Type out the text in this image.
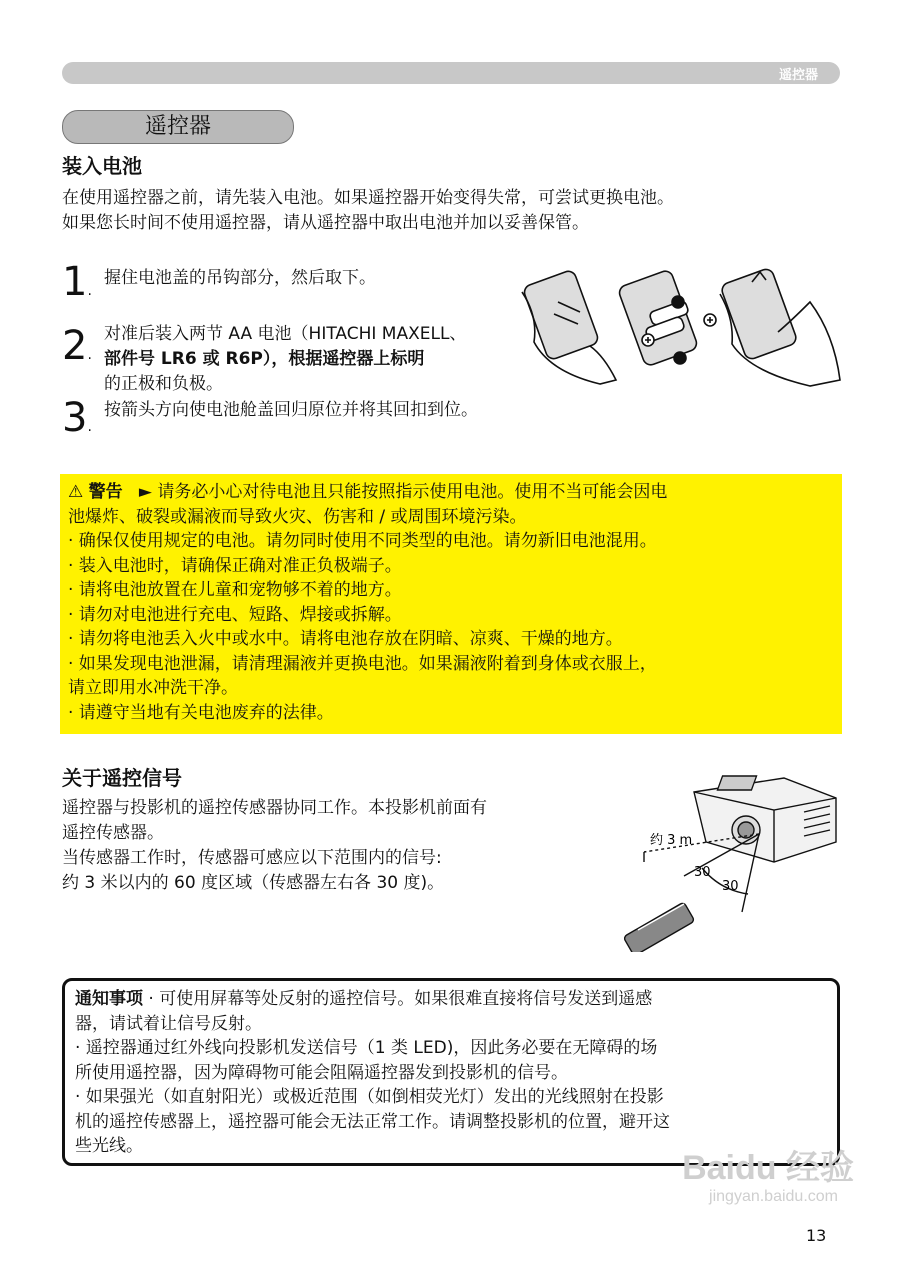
遥控器
遥控器
装入电池

在使用遥控器之前，请先装入电池。如果遥控器开始变得失常，可尝试更换电池。

如果您长时间不使用遥控器，请从遥控器中取出电池并加以妥善保管。

1.
握住电池盖的吊钩部分，然后取下。
2.
对准后装入两节 AA 电池（HITACHI MAXELL、
部件号 LR6 或 R6P），根据遥控器上标明
的正极和负极。
3.
按箭头方向使电池舱盖回归原位并将其回扣到位。
⚠ 警告 ► 请务必小心对待电池且只能按照指示使用电池。使用不当可能会因电
池爆炸、破裂或漏液而导致火灾、伤害和 / 或周围环境污染。
· 确保仅使用规定的电池。请勿同时使用不同类型的电池。请勿新旧电池混用。
· 装入电池时，请确保正确对准正负极端子。
· 请将电池放置在儿童和宠物够不着的地方。
· 请勿对电池进行充电、短路、焊接或拆解。
· 请勿将电池丢入火中或水中。请将电池存放在阴暗、凉爽、干燥的地方。
· 如果发现电池泄漏，请清理漏液并更换电池。如果漏液附着到身体或衣服上，
请立即用水冲洗干净。
· 请遵守当地有关电池废弃的法律。
关于遥控信号

遥控器与投影机的遥控传感器协同工作。本投影机前面有

遥控传感器。

当传感器工作时，传感器可感应以下范围内的信号:

约 3 米以内的 60 度区域（传感器左右各 30 度)。

约 3 m
30
30
通知事项 · 可使用屏幕等处反射的遥控信号。如果很难直接将信号发送到遥感
器，请试着让信号反射。
· 遥控器通过红外线向投影机发送信号（1 类 LED)，因此务必要在无障碍的场
所使用遥控器，因为障碍物可能会阻隔遥控器发到投影机的信号。
· 如果强光（如直射阳光）或极近范围（如倒相荧光灯）发出的光线照射在投影
机的遥控传感器上，遥控器可能会无法正常工作。请调整投影机的位置，避开这
些光线。
Baidu 经验
jingyan.baidu.com
13
